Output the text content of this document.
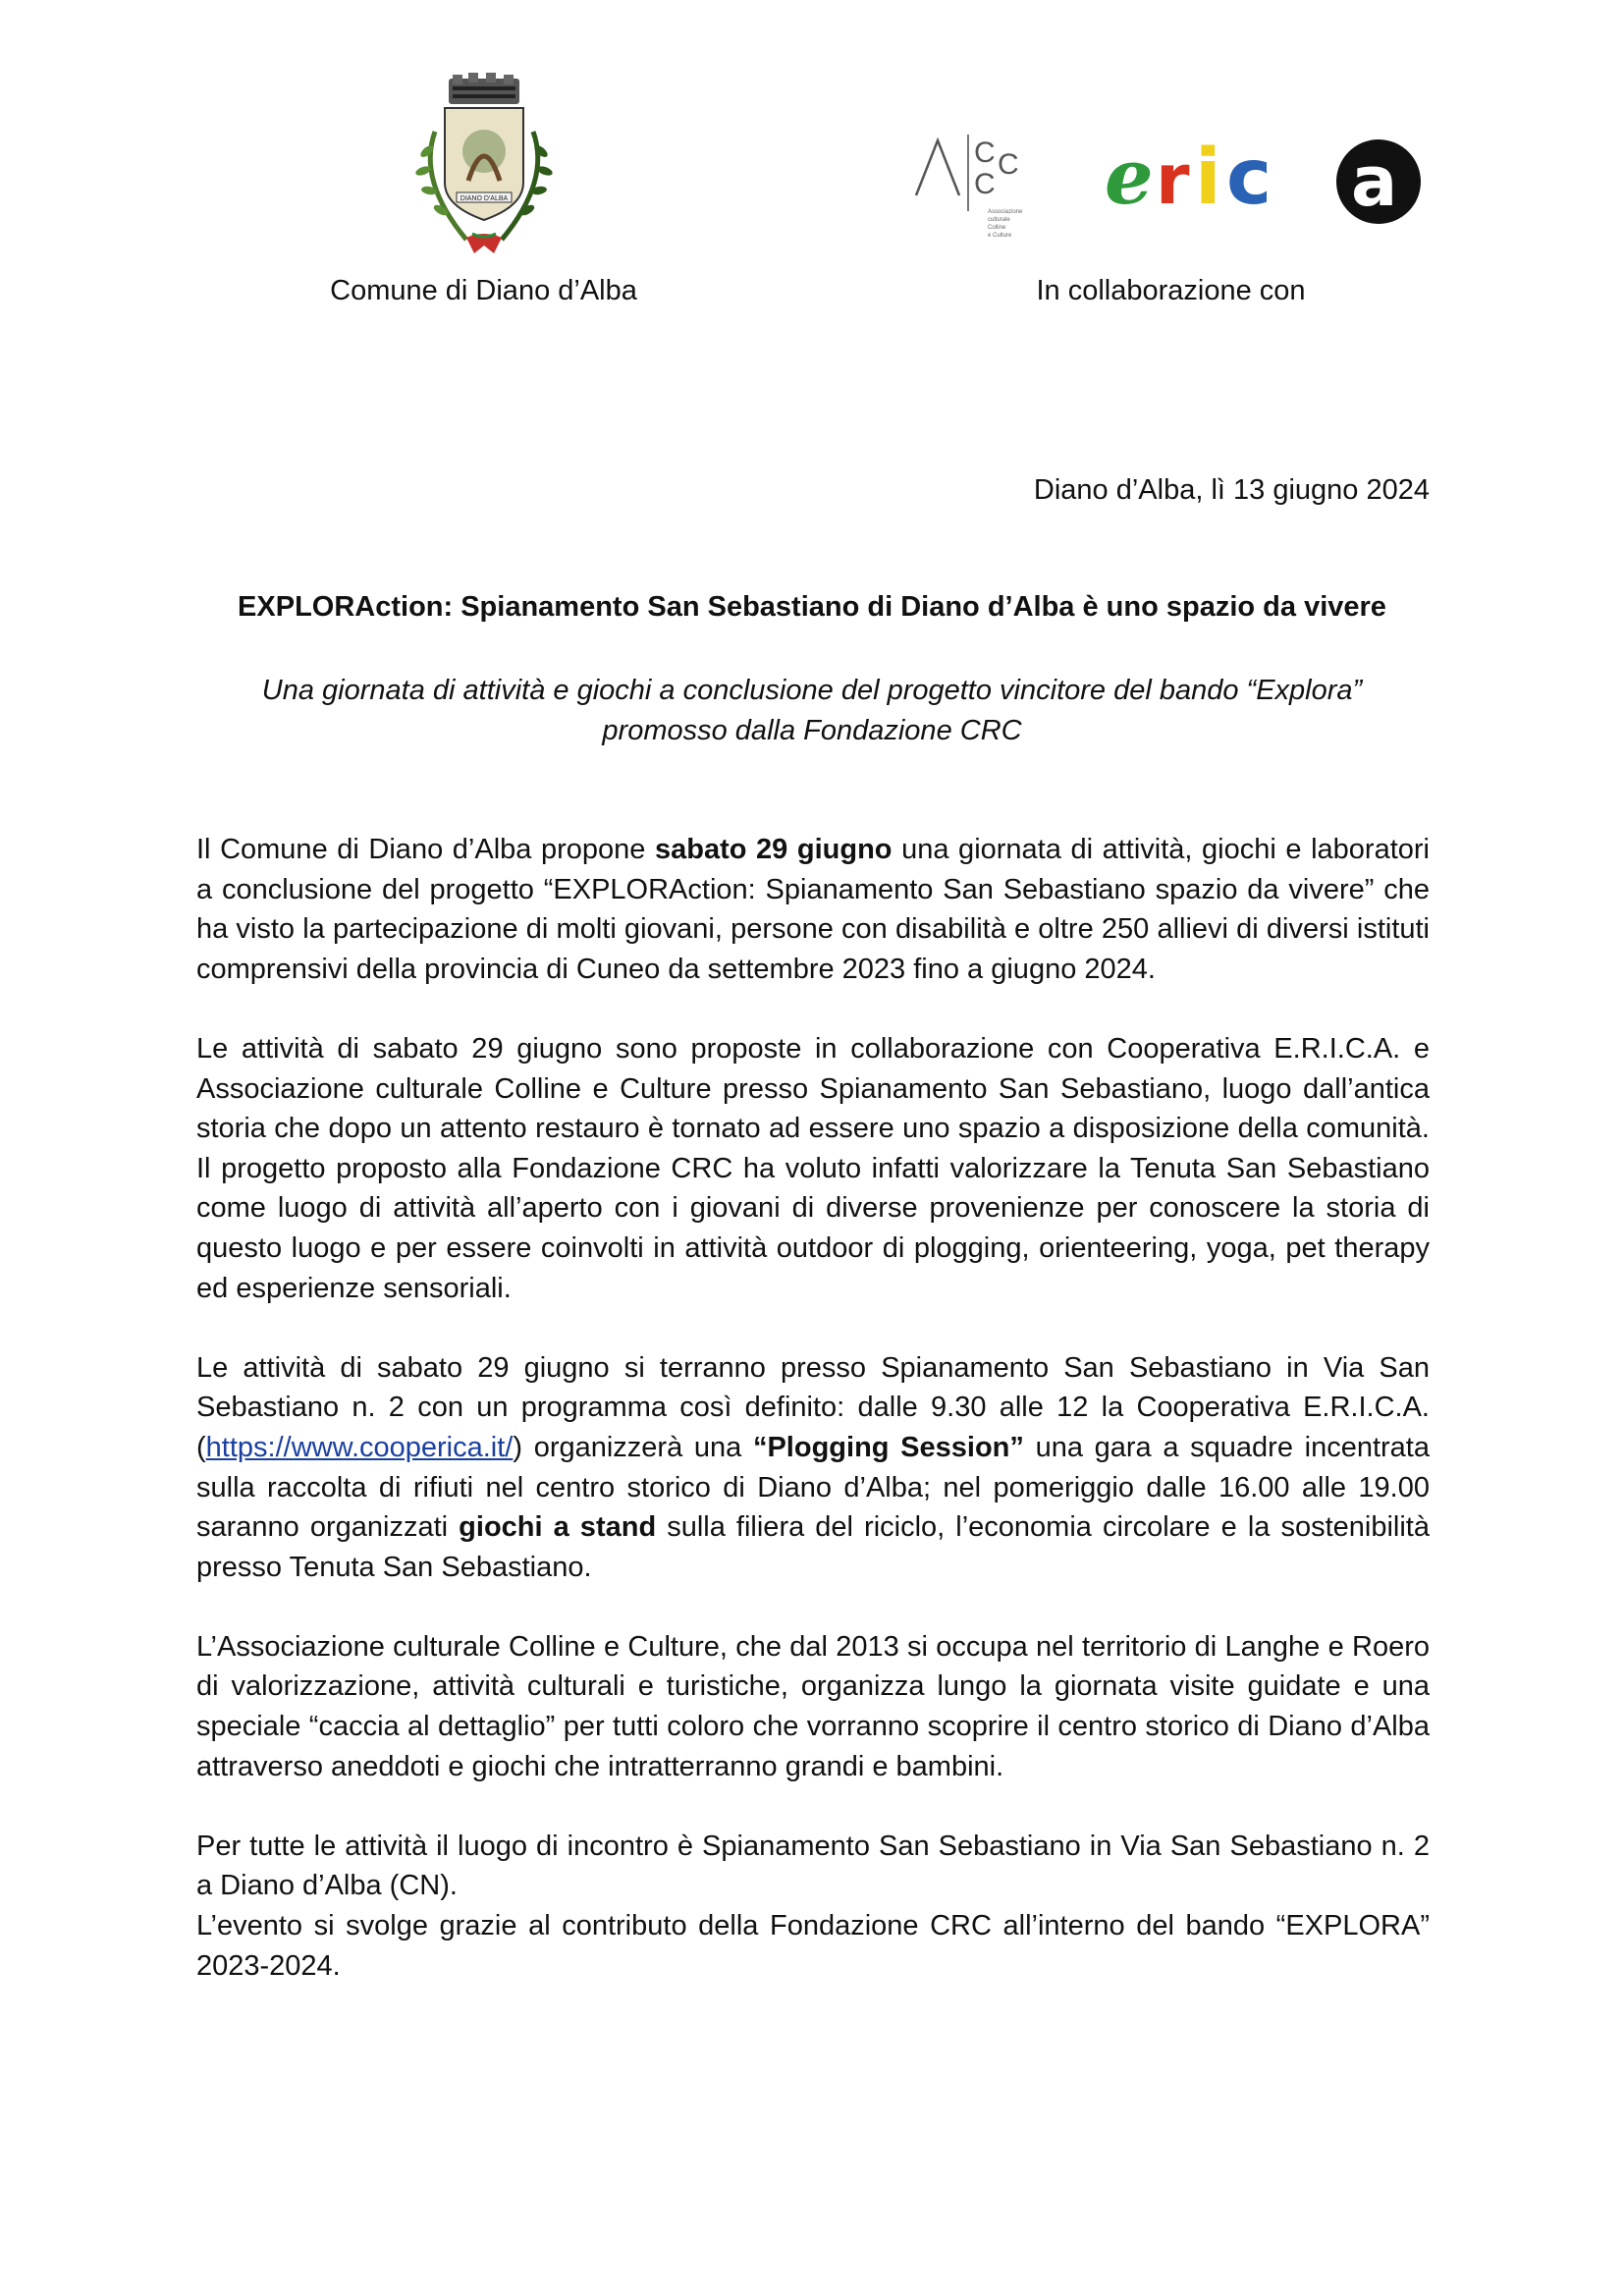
DIANO D'ALBA
C C
C
Associazione
culturale
Colline
e Culture
e r i c a
Comune di Diano d’Alba	In collaborazione con
Diano d’Alba, lì 13 giugno 2024
EXPLORAction: Spianamento San Sebastiano di Diano d’Alba è uno spazio da vivere
Una giornata di attività e giochi a conclusione del progetto vincitore del bando “Explora”
promosso dalla Fondazione CRC

Il Comune di Diano d’Alba propone sabato 29 giugno una giornata di attività, giochi e laboratori a conclusione del progetto “EXPLORAction: Spianamento San Sebastiano spazio da vivere” che ha visto la partecipazione di molti giovani, persone con disabilità e oltre 250 allievi di diversi istituti comprensivi della provincia di Cuneo da settembre 2023 fino a giugno 2024.

Le attività di sabato 29 giugno sono proposte in collaborazione con Cooperativa E.R.I.C.A. e Associazione culturale Colline e Culture presso Spianamento San Sebastiano, luogo dall’antica storia che dopo un attento restauro è tornato ad essere uno spazio a disposizione della comunità. Il progetto proposto alla Fondazione CRC ha voluto infatti valorizzare la Tenuta San Sebastiano come luogo di attività all’aperto con i giovani di diverse provenienze per conoscere la storia di questo luogo e per essere coinvolti in attività outdoor di plogging, orienteering, yoga, pet therapy ed esperienze sensoriali.

Le attività di sabato 29 giugno si terranno presso Spianamento San Sebastiano in Via San Sebastiano n. 2 con un programma così definito: dalle 9.30 alle 12 la Cooperativa E.R.I.C.A. (https://www.cooperica.it/) organizzerà una “Plogging Session” una gara a squadre incentrata sulla raccolta di rifiuti nel centro storico di Diano d’Alba; nel pomeriggio dalle 16.00 alle 19.00 saranno organizzati giochi a stand sulla filiera del riciclo, l’economia circolare e la sostenibilità presso Tenuta San Sebastiano.

L’Associazione culturale Colline e Culture, che dal 2013 si occupa nel territorio di Langhe e Roero di valorizzazione, attività culturali e turistiche, organizza lungo la giornata visite guidate e una speciale “caccia al dettaglio” per tutti coloro che vorranno scoprire il centro storico di Diano d’Alba attraverso aneddoti e giochi che intratterranno grandi e bambini.

Per tutte le attività il luogo di incontro è Spianamento San Sebastiano in Via San Sebastiano n. 2 a Diano d’Alba (CN).

L’evento si svolge grazie al contributo della Fondazione CRC all’interno del bando “EXPLORA” 2023-2024.
